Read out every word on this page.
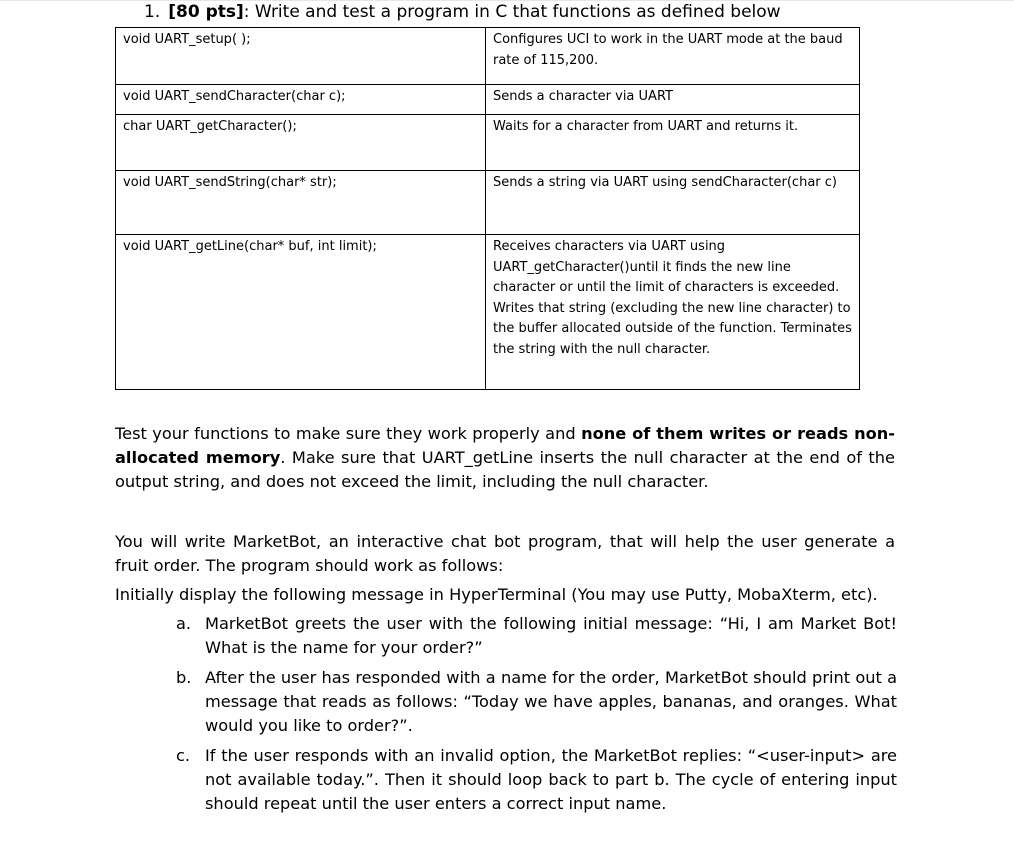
1. [80 pts]: Write and test a program in C that functions as defined below
void UART_setup( );	Configures UCI to work in the UART mode at the baud rate of 115,200.
void UART_sendCharacter(char c);	Sends a character via UART
char UART_getCharacter();	Waits for a character from UART and returns it.
void UART_sendString(char* str);	Sends a string via UART using sendCharacter(char c)
void UART_getLine(char* buf, int limit);	Receives characters via UART using UART_getCharacter()until it finds the new line character or until the limit of characters is exceeded. Writes that string (excluding the new line character) to the buffer allocated outside of the function. Terminates the string with the null character.
Test your functions to make sure they work properly and none of them writes or reads non-allocated memory. Make sure that UART_getLine inserts the null character at the end of the output string, and does not exceed the limit, including the null character.
You will write MarketBot, an interactive chat bot program, that will help the user generate a fruit order. The program should work as follows:
Initially display the following message in HyperTerminal (You may use Putty, MobaXterm, etc).
a. MarketBot greets the user with the following initial message: “Hi, I am Market Bot! What is the name for your order?”
b. After the user has responded with a name for the order, MarketBot should print out a message that reads as follows: “Today we have apples, bananas, and oranges. What would you like to order?”.
c. If the user responds with an invalid option, the MarketBot replies: “<user-input> are not available today.”. Then it should loop back to part b. The cycle of entering input should repeat until the user enters a correct input name.
